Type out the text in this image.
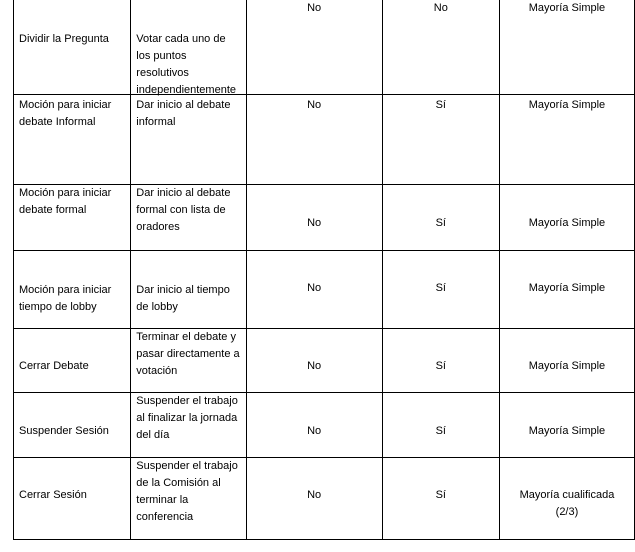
Dividir la Pregunta	Votar cada uno de los puntos resolutivos independientemente	No	No	Mayoría Simple

Moción para iniciar debate Informal	Dar inicio al debate informal	No	Sí	Mayoría Simple

Moción para iniciar debate formal	Dar inicio al debate formal con lista de oradores	No	Sí	Mayoría Simple

Moción para iniciar tiempo de lobby	Dar inicio al tiempo de lobby	No	Sí	Mayoría Simple

Cerrar Debate	Terminar el debate y pasar directamente a votación	No	Sí	Mayoría Simple

Suspender Sesión	Suspender el trabajo al finalizar la jornada del día	No	Sí	Mayoría Simple

Cerrar Sesión	Suspender el trabajo de la Comisión al terminar la conferencia	No	Sí	Mayoría cualificada (2/3)
